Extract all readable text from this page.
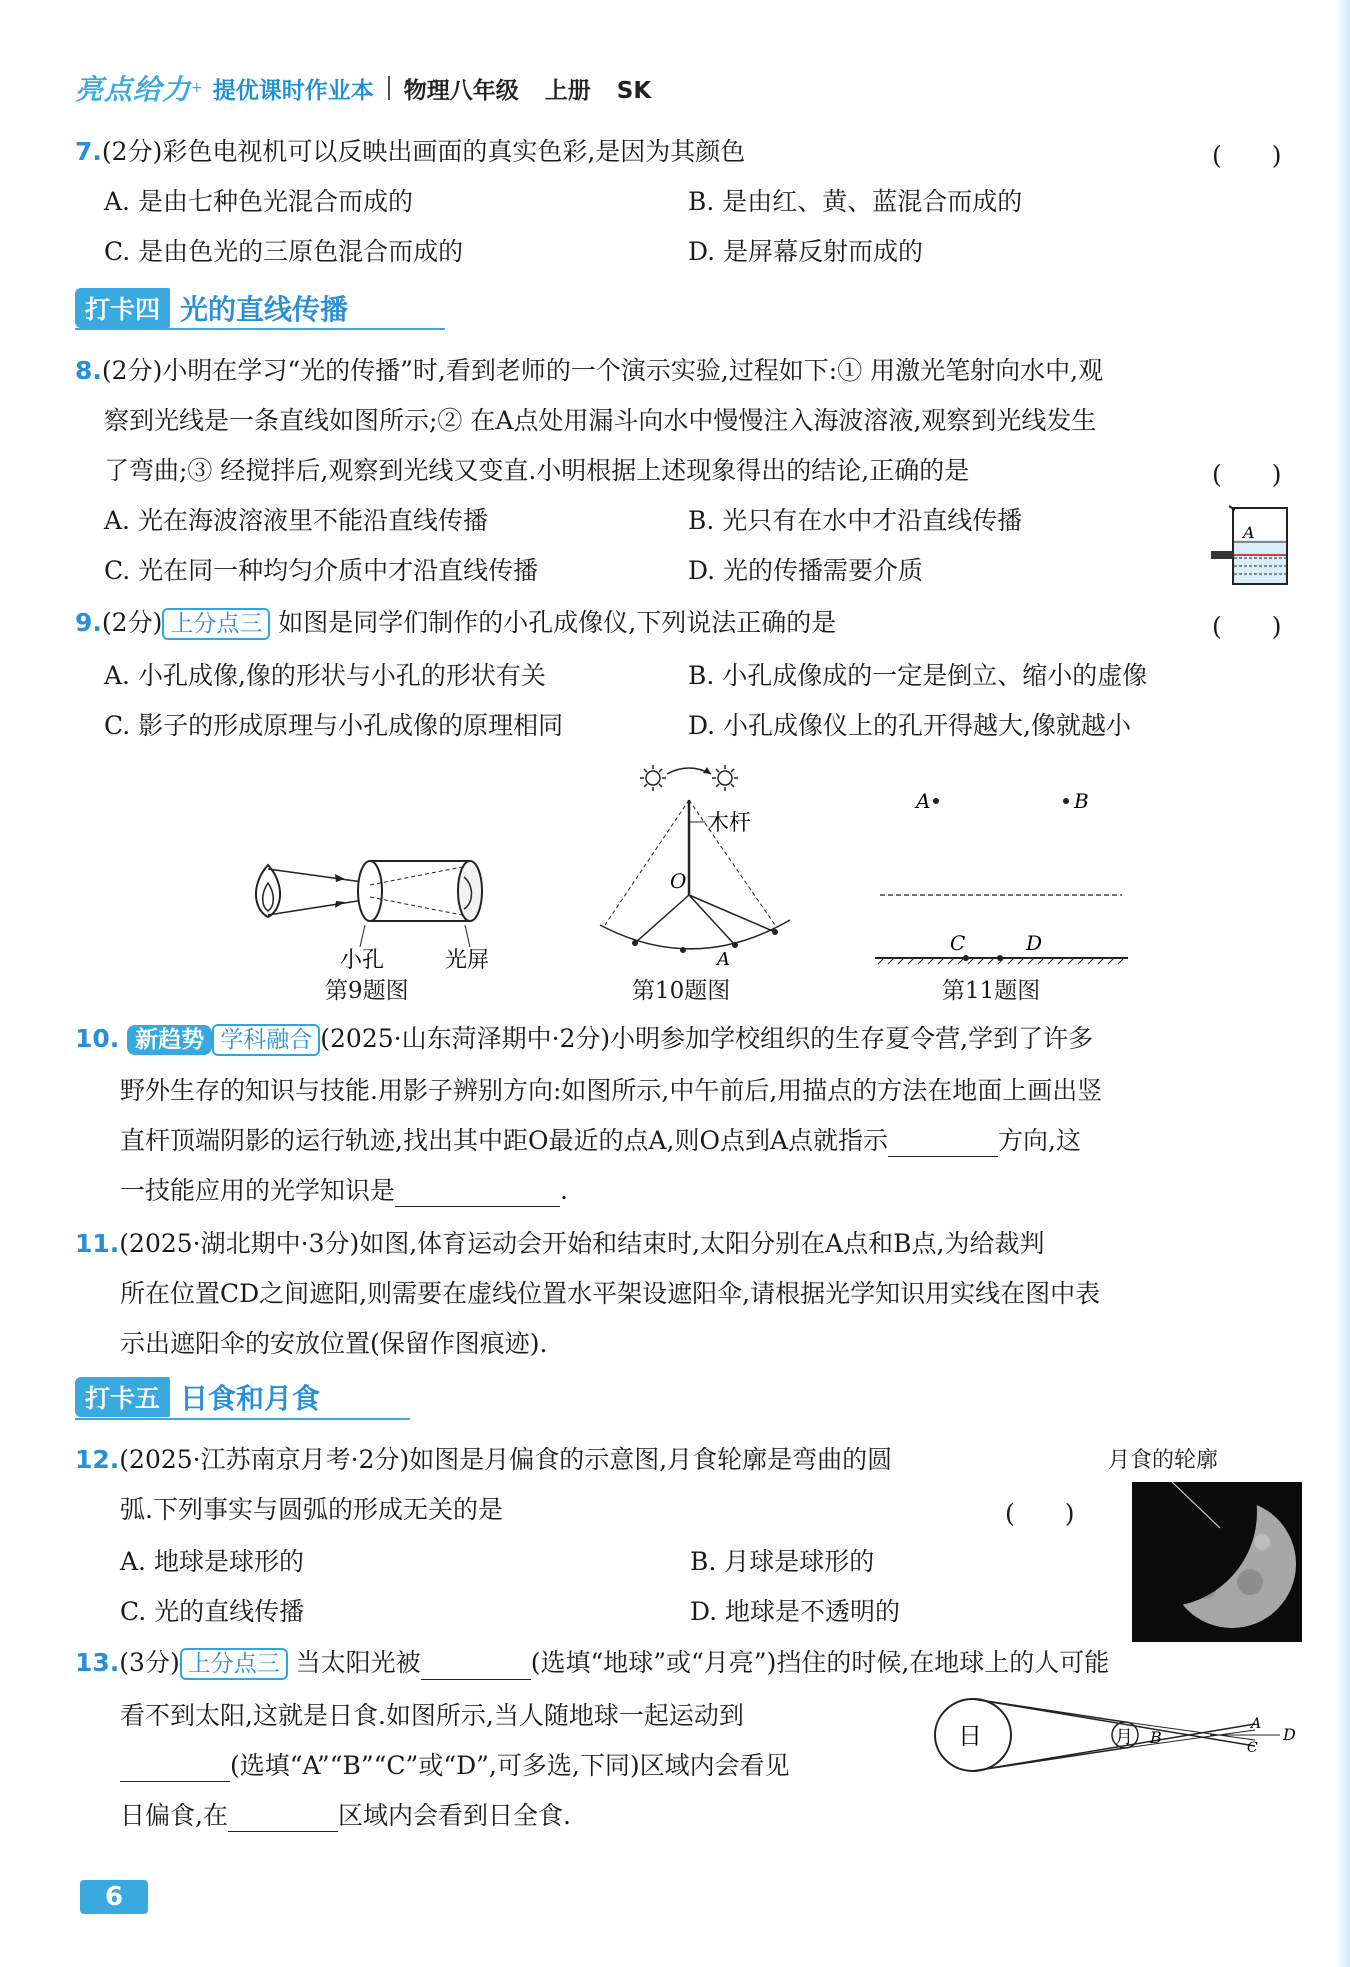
亮点给力 + 提优课时作业本 物理八年级 上册 SK
7.(2分)彩色电视机可以反映出画面的真实色彩,是因为其颜色	(　　)
A. 是由七种色光混合而成的	B. 是由红、黄、蓝混合而成的
C. 是由色光的三原色混合而成的	D. 是屏幕反射而成的
打卡四 光的直线传播
8.(2分)小明在学习“光的传播”时,看到老师的一个演示实验,过程如下:① 用激光笔射向水中,观
察到光线是一条直线如图所示;② 在A点处用漏斗向水中慢慢注入海波溶液,观察到光线发生
了弯曲;③ 经搅拌后,观察到光线又变直.小明根据上述现象得出的结论,正确的是	(　　)
A. 光在海波溶液里不能沿直线传播	B. 光只有在水中才沿直线传播
C. 光在同一种均匀介质中才沿直线传播	D. 光的传播需要介质
A
9.(2分) 上分点三 如图是同学们制作的小孔成像仪,下列说法正确的是	(　　)
A. 小孔成像,像的形状与小孔的形状有关	B. 小孔成像成的一定是倒立、缩小的虚像
C. 影子的形成原理与小孔成像的原理相同	D. 小孔成像仪上的孔开得越大,像就越小
小孔	光屏
第9题图
木杆
O
A
第10题图
A	B
C	D
第11题图
10. 新趋势 学科融合 (2025·山东菏泽期中·2分)小明参加学校组织的生存夏令营,学到了许多
野外生存的知识与技能.用影子辨别方向:如图所示,中午前后,用描点的方法在地面上画出竖
直杆顶端阴影的运行轨迹,找出其中距O最近的点A,则O点到A点就指示	方向,这
一技能应用的光学知识是	.
11.(2025·湖北期中·3分)如图,体育运动会开始和结束时,太阳分别在A点和B点,为给裁判
所在位置CD之间遮阳,则需要在虚线位置水平架设遮阳伞,请根据光学知识用实线在图中表
示出遮阳伞的安放位置(保留作图痕迹).
打卡五 日食和月食
12.(2025·江苏南京月考·2分)如图是月偏食的示意图,月食轮廓是弯曲的圆
弧.下列事实与圆弧的形成无关的是	(　　)
A. 地球是球形的	B. 月球是球形的
C. 光的直线传播	D. 地球是不透明的
月食的轮廓
13.(3分) 上分点三 当太阳光被	(选填“地球”或“月亮”)挡住的时候,在地球上的人可能
看不到太阳,这就是日食.如图所示,当人随地球一起运动到
(选填“A”“B”“C”或“D”,可多选,下同)区域内会看见
日偏食,在	区域内会看到日全食.
日	月 B
A
C
D
6
